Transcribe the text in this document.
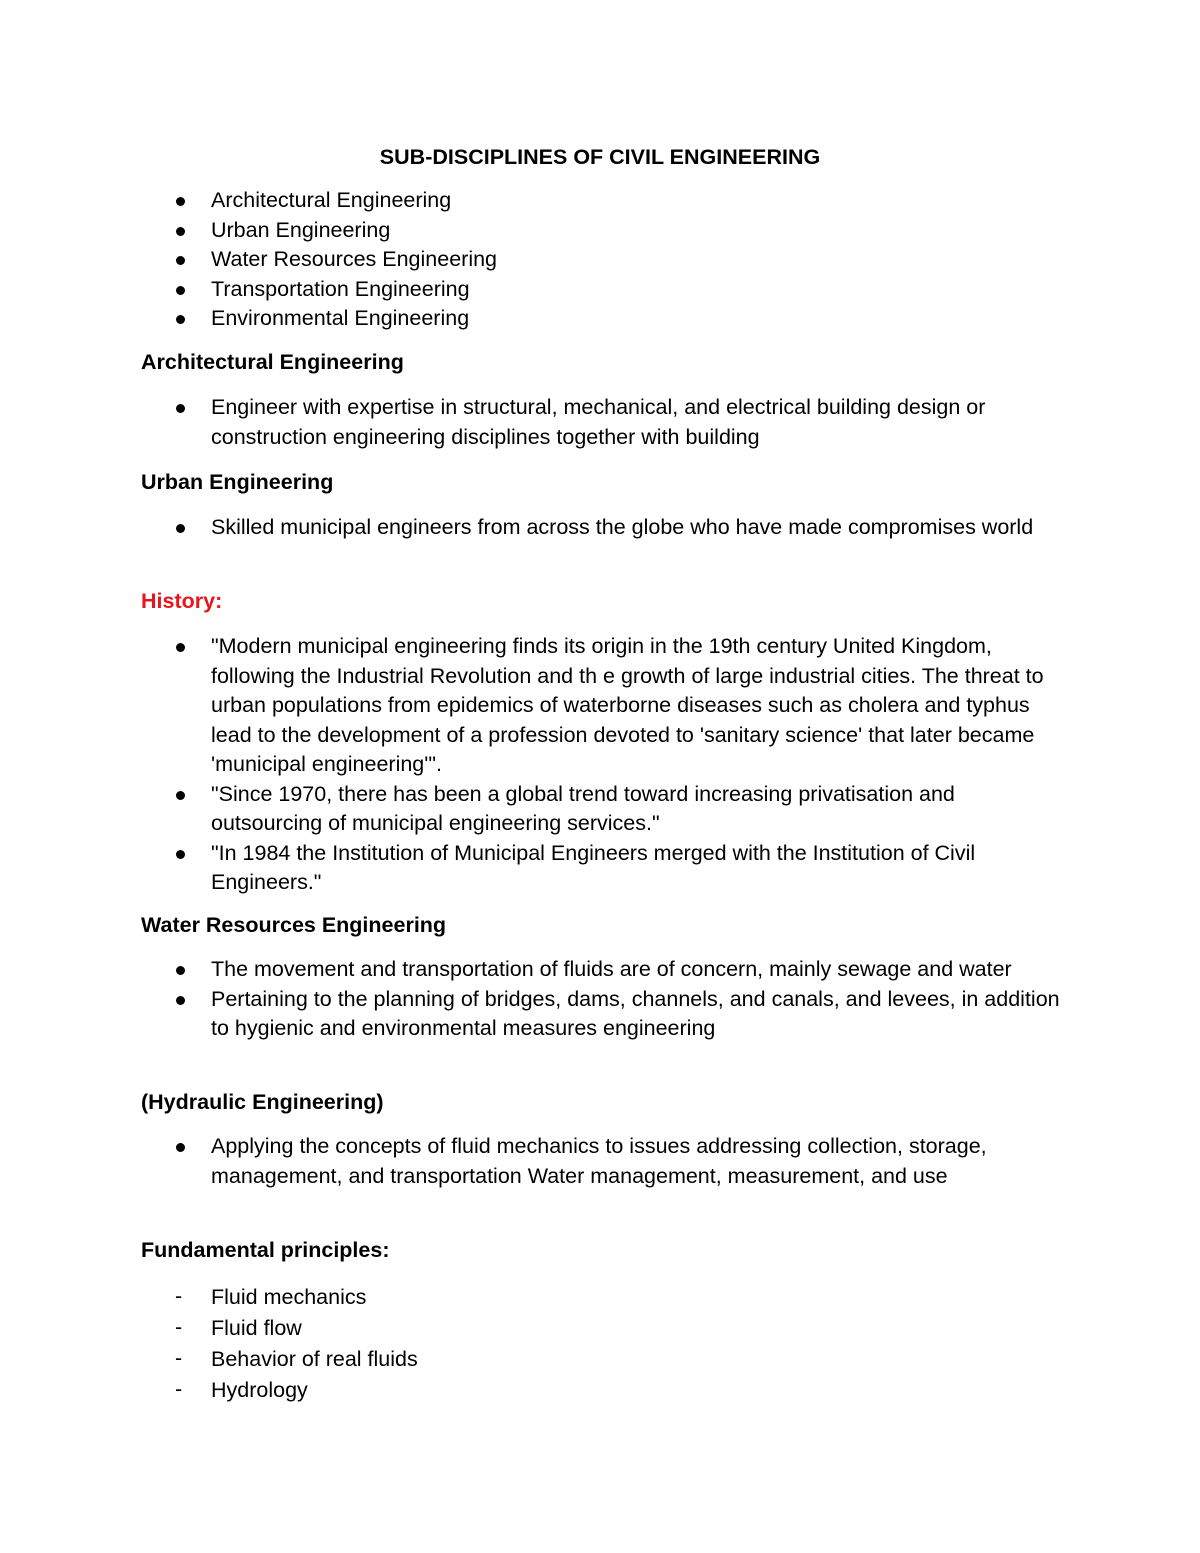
SUB-DISCIPLINES OF CIVIL ENGINEERING
Architectural Engineering
Urban Engineering
Water Resources Engineering
Transportation Engineering
Environmental Engineering
Architectural Engineering
Engineer with expertise in structural, mechanical, and electrical building design or construction engineering disciplines together with building
Urban Engineering
Skilled municipal engineers from across the globe who have made compromises world
History:
"Modern municipal engineering finds its origin in the 19th century United Kingdom, following the Industrial Revolution and th e growth of large industrial cities. The threat to urban populations from epidemics of waterborne diseases such as cholera and typhus lead to the development of a profession devoted to 'sanitary science' that later became 'municipal engineering'".
"Since 1970, there has been a global trend toward increasing privatisation and outsourcing of municipal engineering services."
"In 1984 the Institution of Municipal Engineers merged with the Institution of Civil Engineers."
Water Resources Engineering
The movement and transportation of fluids are of concern, mainly sewage and water
Pertaining to the planning of bridges, dams, channels, and canals, and levees, in addition to hygienic and environmental measures engineering
(Hydraulic Engineering)
Applying the concepts of fluid mechanics to issues addressing collection, storage, management, and transportation Water management, measurement, and use
Fundamental principles:
- Fluid mechanics
- Fluid flow
- Behavior of real fluids
- Hydrology
